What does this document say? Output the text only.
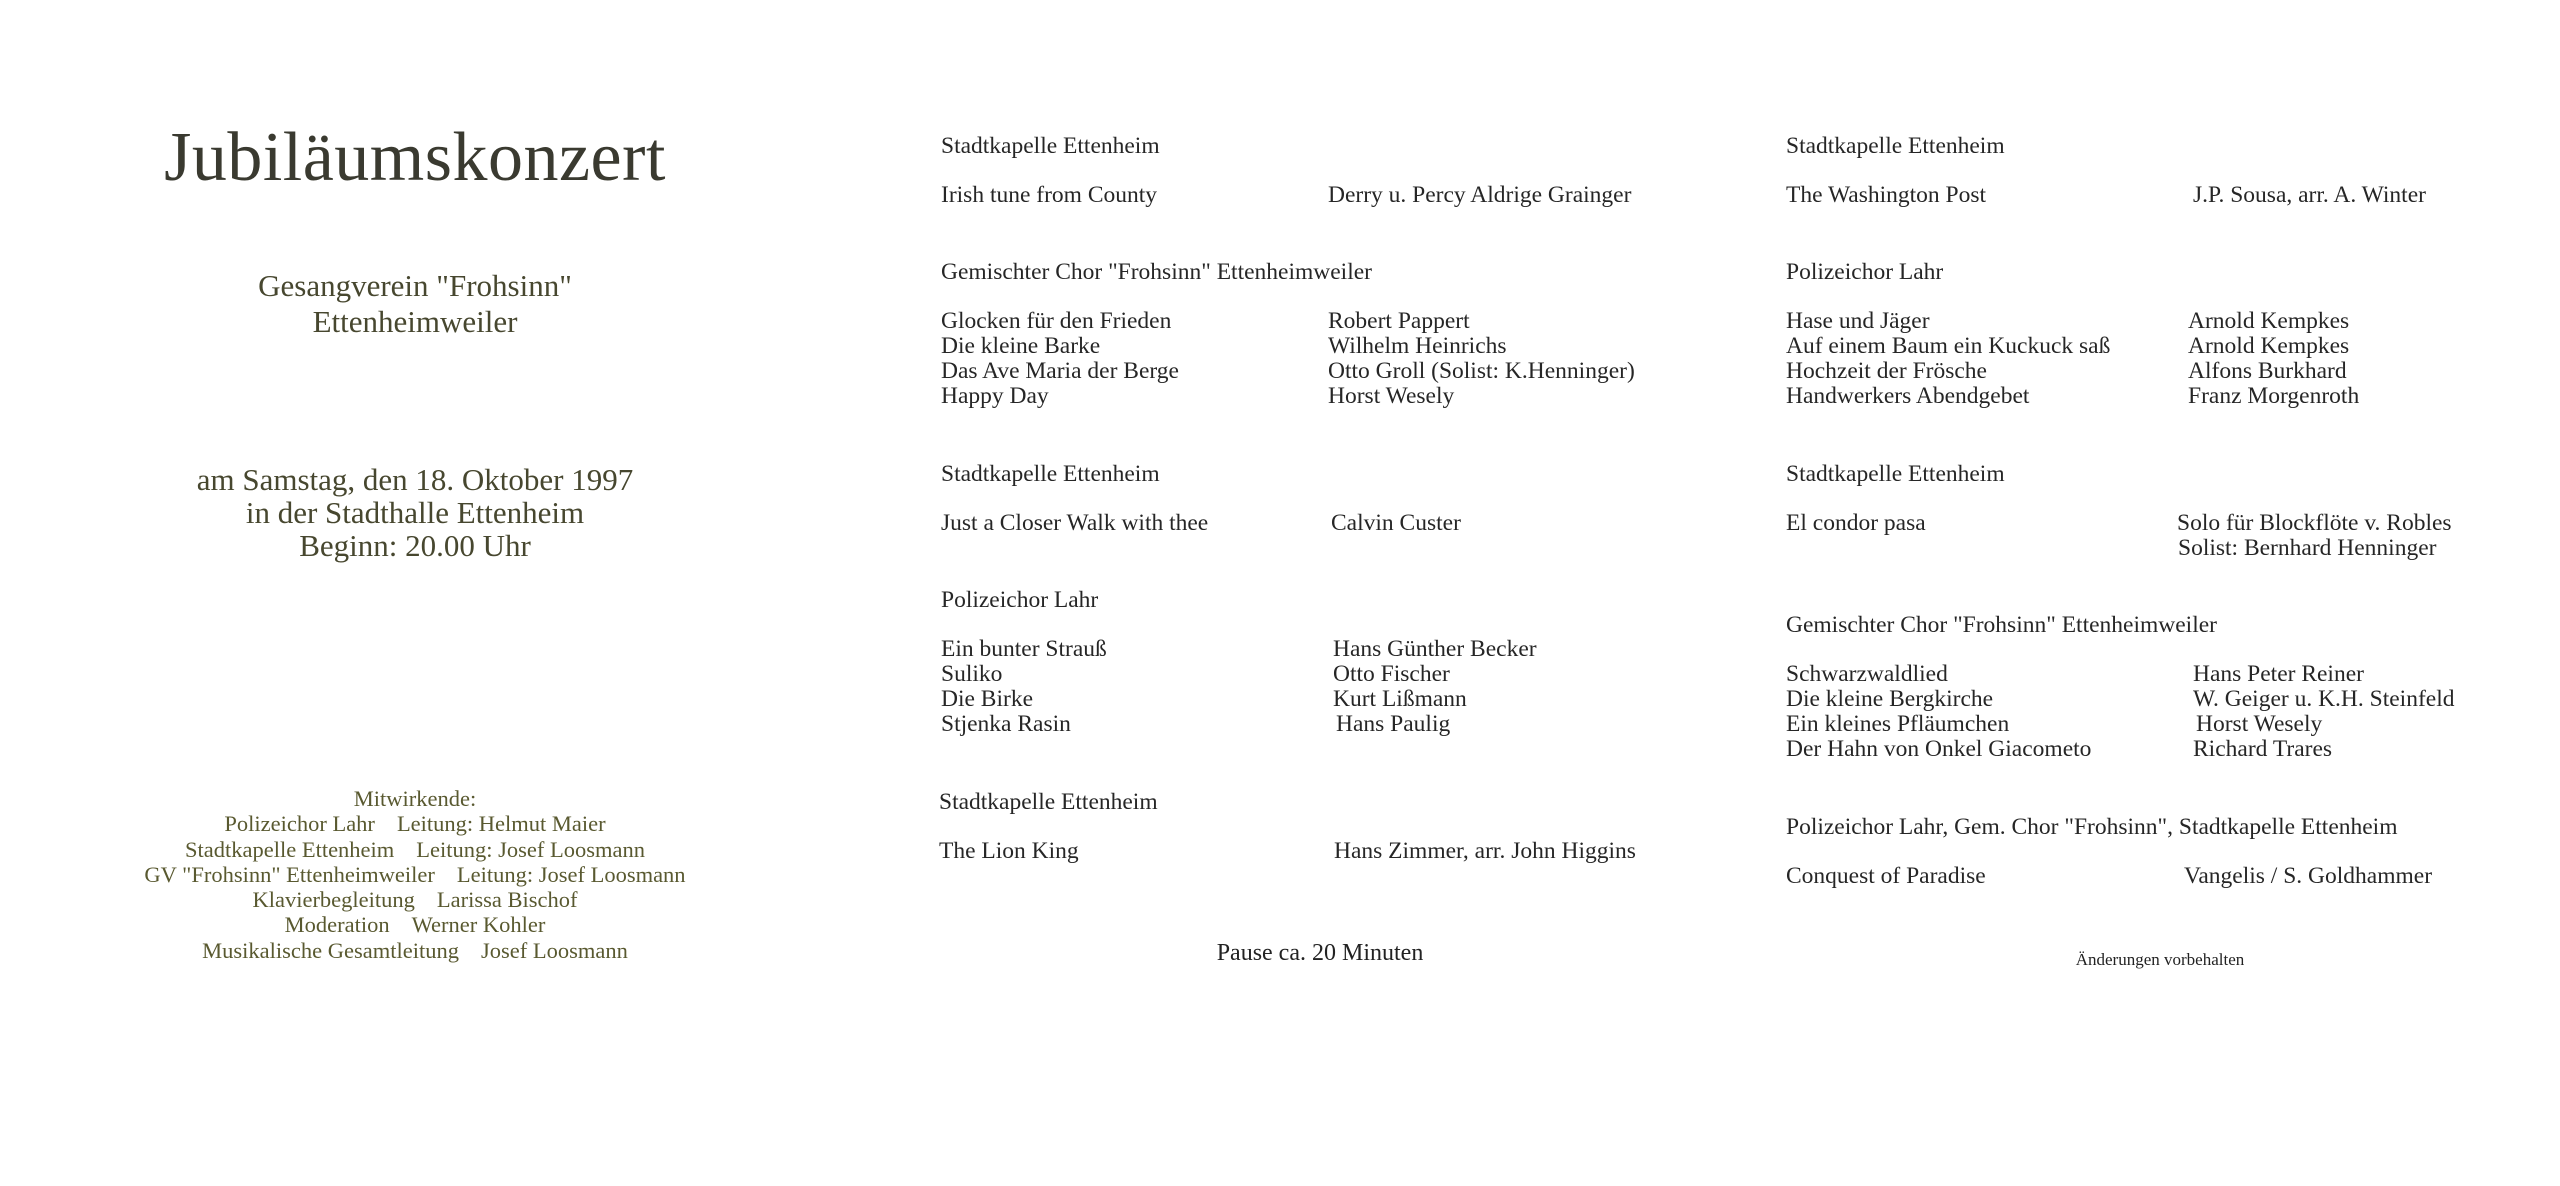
Jubiläumskonzert
Gesangverein "Frohsinn"
Ettenheimweiler
am Samstag, den 18. Oktober 1997
in der Stadthalle Ettenheim
Beginn: 20.00 Uhr
Mitwirkende:
Polizeichor Lahr Leitung: Helmut Maier
Stadtkapelle Ettenheim Leitung: Josef Loosmann
GV "Frohsinn" Ettenheimweiler Leitung: Josef Loosmann
Klavierbegleitung Larissa Bischof
Moderation Werner Kohler
Musikalische Gesamtleitung Josef Loosmann
Stadtkapelle Ettenheim
Irish tune from County	Derry u. Percy Aldrige Grainger
Gemischter Chor "Frohsinn" Ettenheimweiler
Glocken für den Frieden	Robert Pappert
Die kleine Barke	Wilhelm Heinrichs
Das Ave Maria der Berge	Otto Groll (Solist: K.Henninger)
Happy Day	Horst Wesely
Stadtkapelle Ettenheim
Just a Closer Walk with thee	Calvin Custer
Polizeichor Lahr
Ein bunter Strauß	Hans Günther Becker
Suliko	Otto Fischer
Die Birke	Kurt Lißmann
Stjenka Rasin	Hans Paulig
Stadtkapelle Ettenheim
The Lion King	Hans Zimmer, arr. John Higgins
Pause ca. 20 Minuten
Stadtkapelle Ettenheim
The Washington Post	J.P. Sousa, arr. A. Winter
Polizeichor Lahr
Hase und Jäger	Arnold Kempkes
Auf einem Baum ein Kuckuck saß	Arnold Kempkes
Hochzeit der Frösche	Alfons Burkhard
Handwerkers Abendgebet	Franz Morgenroth
Stadtkapelle Ettenheim
El condor pasa	Solo für Blockflöte v. Robles
Solist: Bernhard Henninger
Gemischter Chor "Frohsinn" Ettenheimweiler
Schwarzwaldlied	Hans Peter Reiner
Die kleine Bergkirche	W. Geiger u. K.H. Steinfeld
Ein kleines Pfläumchen	Horst Wesely
Der Hahn von Onkel Giacometo	Richard Trares
Polizeichor Lahr, Gem. Chor "Frohsinn", Stadtkapelle Ettenheim
Conquest of Paradise	Vangelis / S. Goldhammer
Änderungen vorbehalten
